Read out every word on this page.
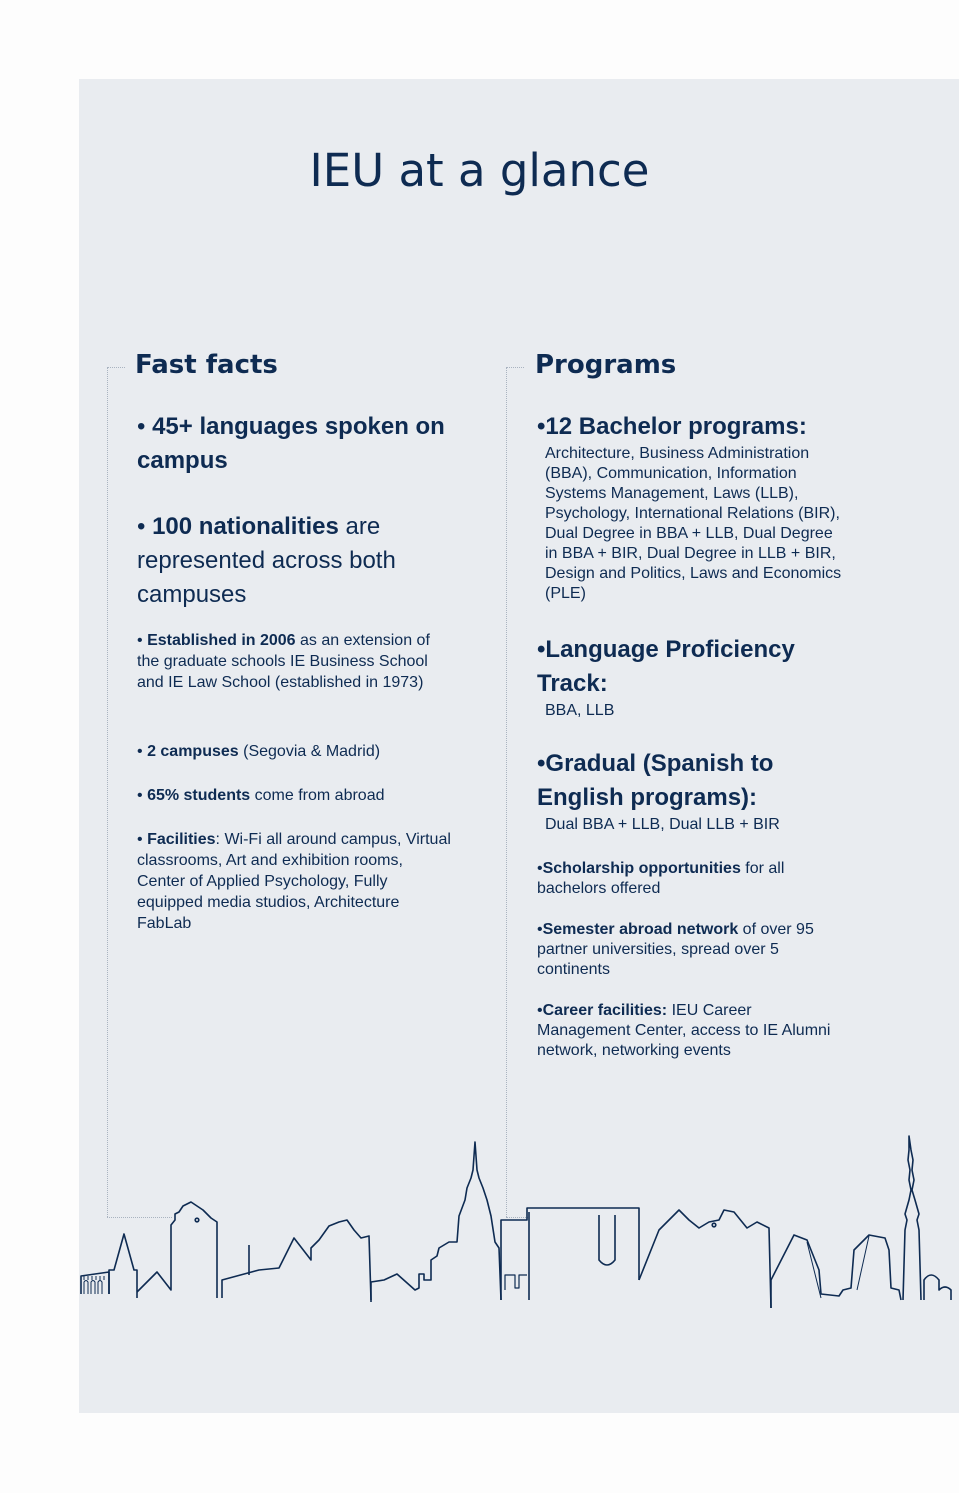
IEU at a glance
Fast facts

• 45+ languages spoken on campus

• 100 nationalities are represented across both campuses

• Established in 2006 as an extension of the graduate schools IE Business School and IE Law School (established in 1973)

• 2 campuses (Segovia & Madrid)

• 65% students come from abroad

• Facilities: Wi-Fi all around campus, Virtual classrooms, Art and exhibition rooms, Center of Applied Psychology, Fully equipped media studios, Architecture FabLab

Programs

•12 Bachelor programs:

Architecture, Business Administration (BBA), Communication, Information Systems Management, Laws (LLB), Psychology, International Relations (BIR), Dual Degree in BBA + LLB, Dual Degree in BBA + BIR, Dual Degree in LLB + BIR, Design and Politics, Laws and Economics (PLE)

•Language Proficiency Track:

BBA, LLB

•Gradual (Spanish to English programs):

Dual BBA + LLB, Dual LLB + BIR

•Scholarship opportunities for all bachelors offered

•Semester abroad network of over 95 partner universities, spread over 5 continents

•Career facilities: IEU Career Management Center, access to IE Alumni network, networking events
